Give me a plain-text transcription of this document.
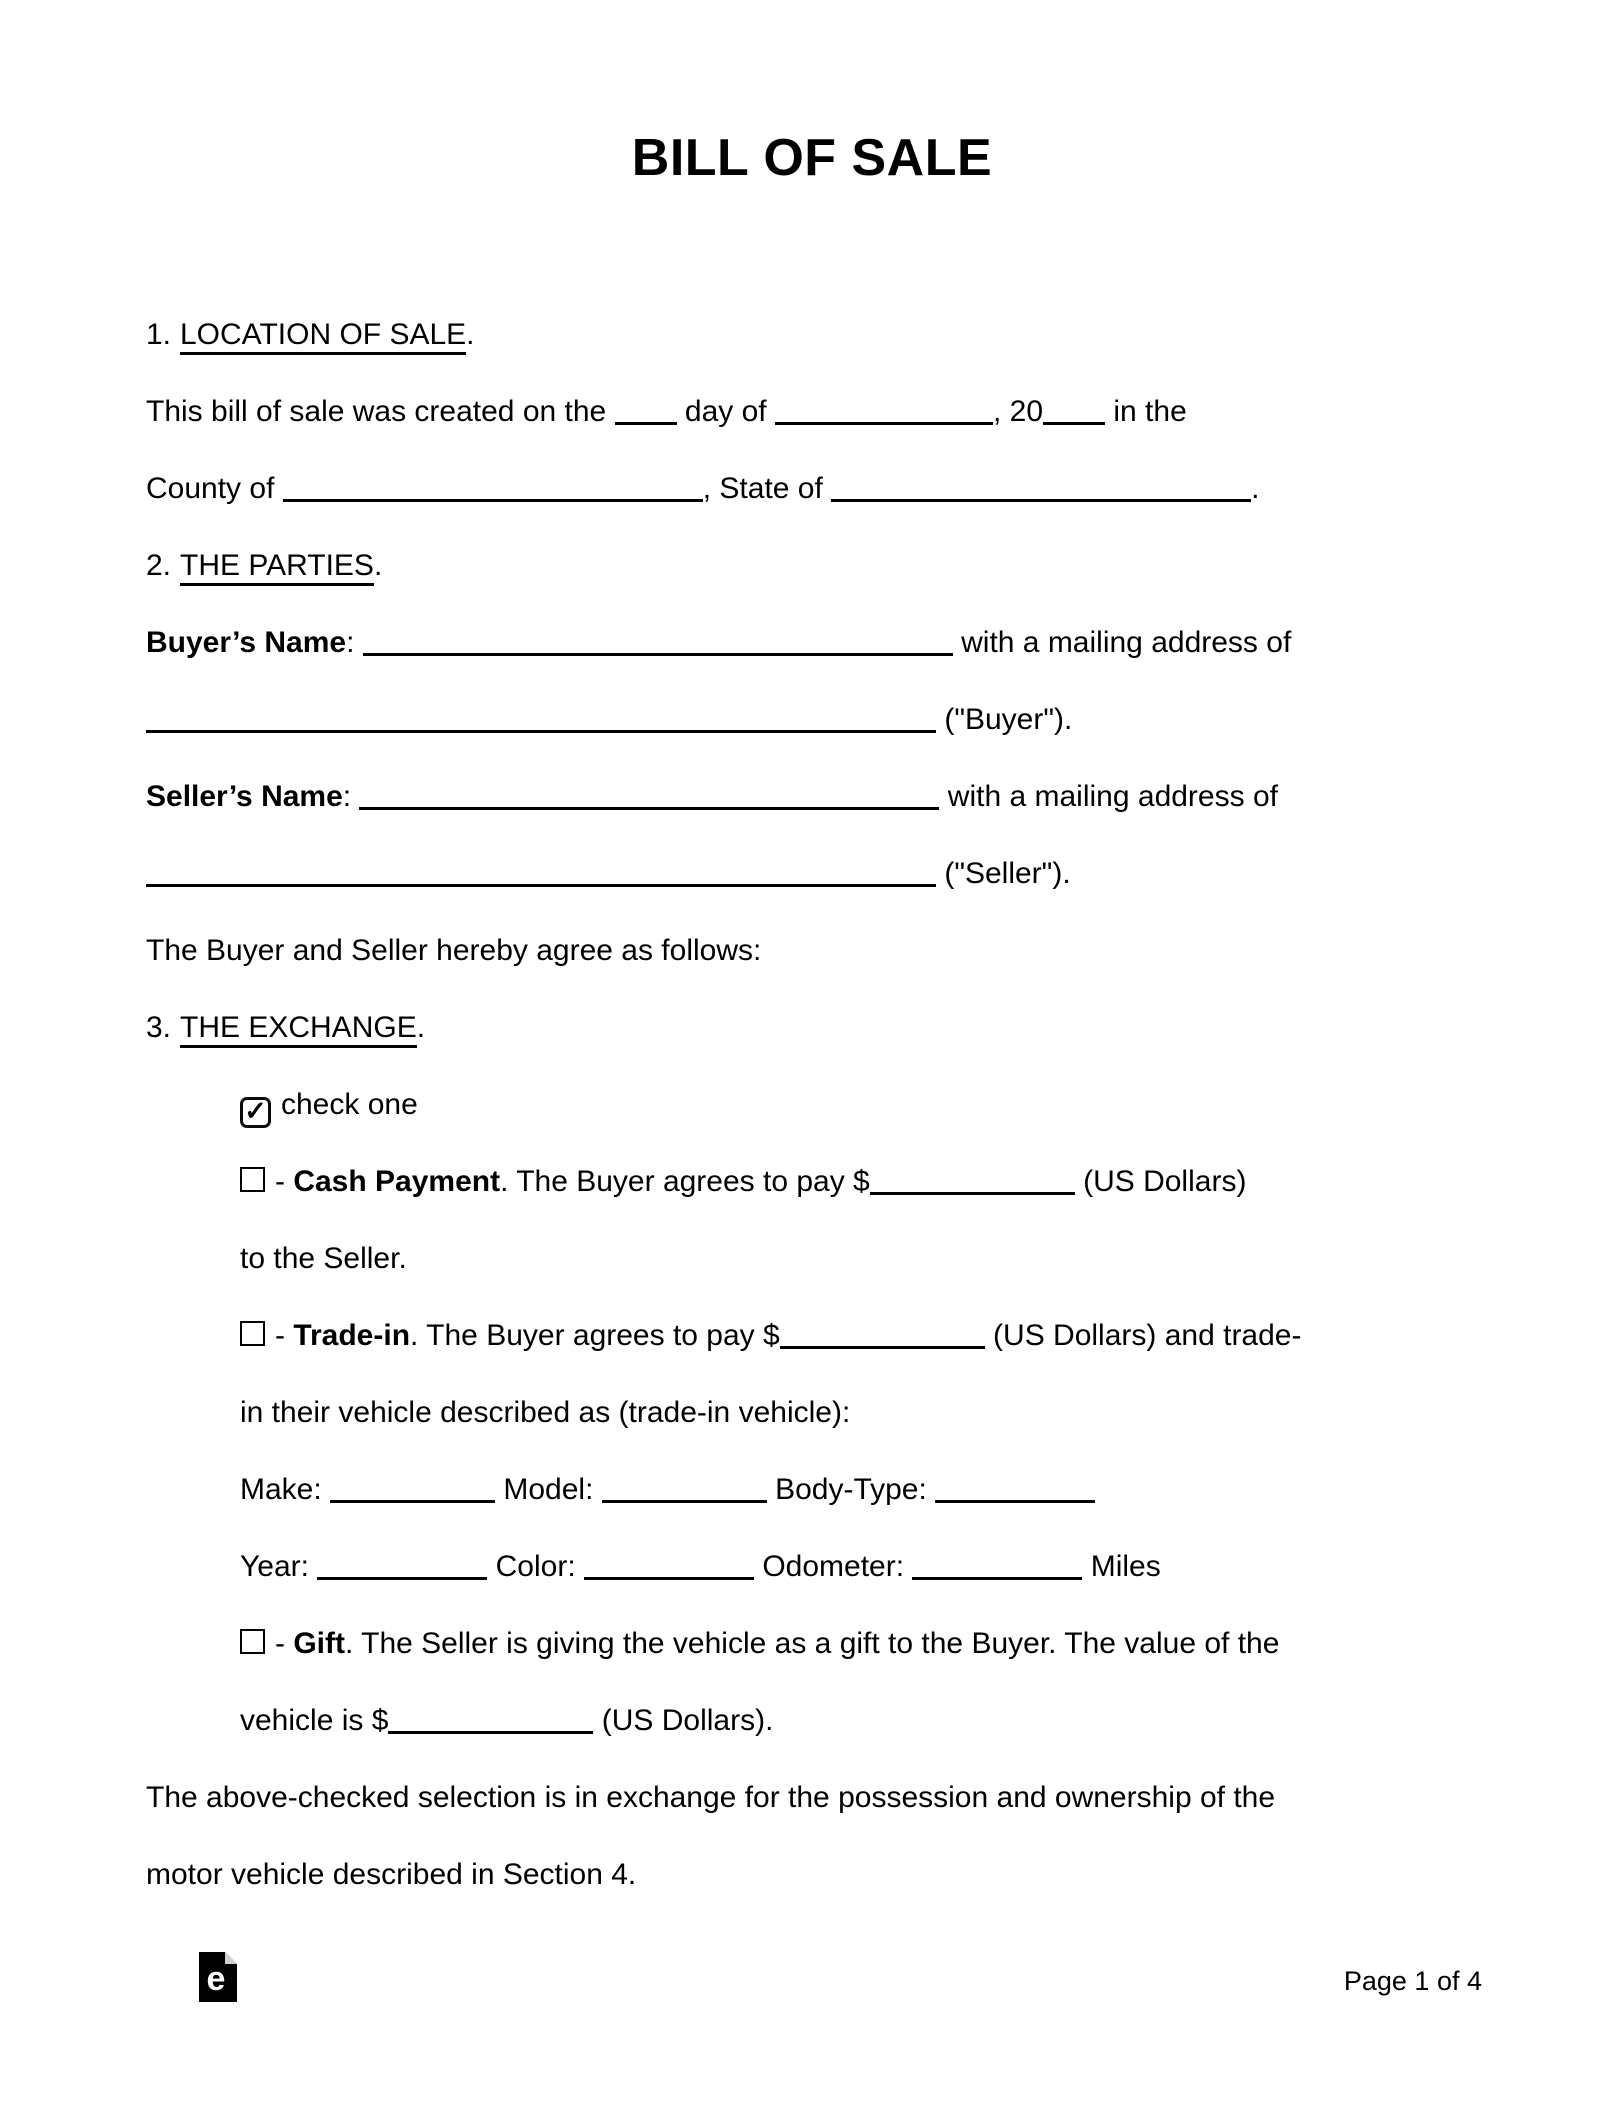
BILL OF SALE
1. LOCATION OF SALE.
This bill of sale was created on the  day of	, 20 in the
County of	, State of	.
2. THE PARTIES.
Buyer’s Name:	with a mailing address of
("Buyer").
Seller’s Name:	with a mailing address of
("Seller").
The Buyer and Seller hereby agree as follows:
3. THE EXCHANGE.
✓ check one
- Cash Payment. The Buyer agrees to pay $	(US Dollars)
to the Seller.
- Trade-in. The Buyer agrees to pay $	(US Dollars) and trade-
in their vehicle described as (trade-in vehicle):
Make:	Model:	Body-Type:
Year:	Color:	Odometer:	Miles
- Gift. The Seller is giving the vehicle as a gift to the Buyer. The value of the
vehicle is $	(US Dollars).
The above-checked selection is in exchange for the possession and ownership of the
motor vehicle described in Section 4.
e	Page 1 of 4
